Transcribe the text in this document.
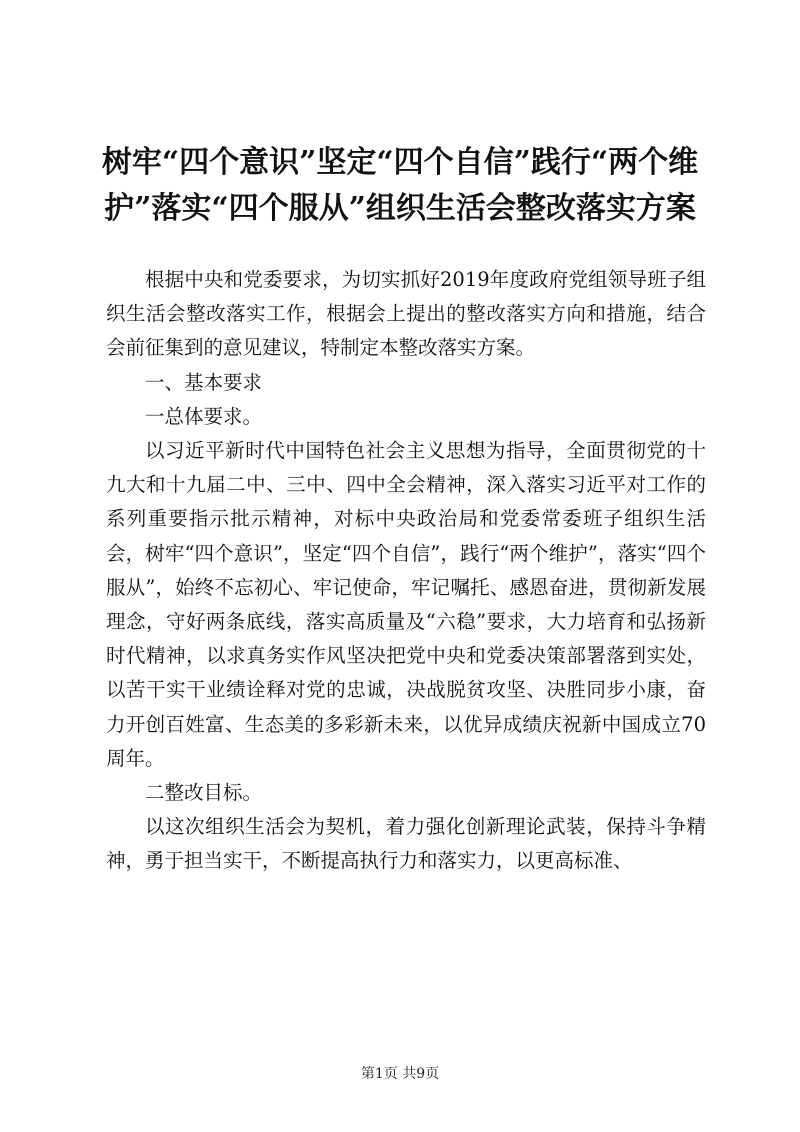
树牢“四个意识”坚定“四个自信”践行“两个维护”落实“四个服从”组织生活会整改落实方案

根据中央和党委要求，为切实抓好2019年度政府党组领导班子组织生活会整改落实工作，根据会上提出的整改落实方向和措施，结合会前征集到的意见建议，特制定本整改落实方案。

一、基本要求

一总体要求。

以习近平新时代中国特色社会主义思想为指导，全面贯彻党的十九大和十九届二中、三中、四中全会精神，深入落实习近平对工作的系列重要指示批示精神，对标中央政治局和党委常委班子组织生活会，树牢“四个意识”，坚定“四个自信”，践行“两个维护”，落实“四个服从”，始终不忘初心、牢记使命，牢记嘱托、感恩奋进，贯彻新发展理念，守好两条底线，落实高质量及“六稳”要求，大力培育和弘扬新时代精神，以求真务实作风坚决把党中央和党委决策部署落到实处，以苦干实干业绩诠释对党的忠诚，决战脱贫攻坚、决胜同步小康，奋力开创百姓富、生态美的多彩新未来，以优异成绩庆祝新中国成立70周年。

二整改目标。

以这次组织生活会为契机，着力强化创新理论武装，保持斗争精神，勇于担当实干，不断提高执行力和落实力，以更高标准、

第1页 共9页
